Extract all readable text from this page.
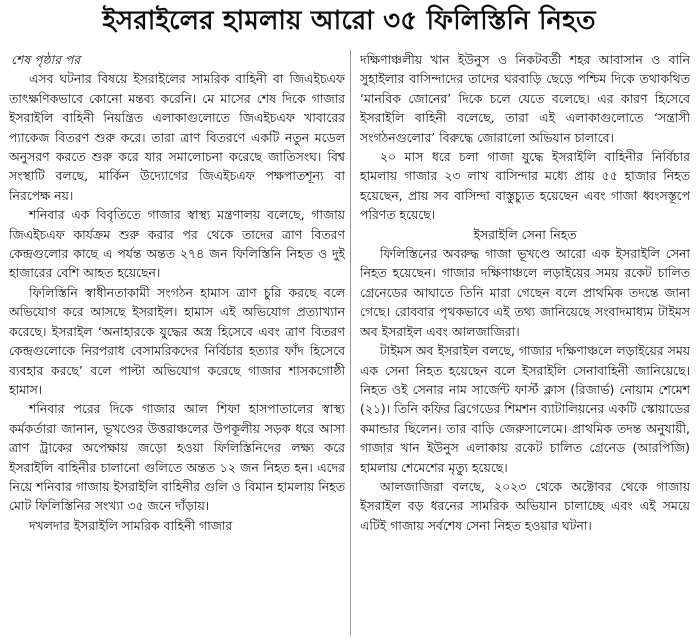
ইসরাইলের হামলায় আরো ৩৫ ফিলিস্তিনি নিহত

শেষ পৃষ্ঠার পর

এসব ঘটনার বিষয়ে ইসরাইলের সামরিক বাহিনী বা জিএইচএফ তাৎক্ষণিকভাবে কোনো মন্তব্য করেনি। মে মাসের শেষ দিকে গাজার ইসরাইলি বাহিনী নিয়ন্ত্রিত এলাকাগুলোতে জিএইচএফ খাবারের প্যাকেজ বিতরণ শুরু করে। তারা ত্রাণ বিতরণে একটি নতুন মডেল অনুসরণ করতে শুরু করে যার সমালোচনা করেছে জাতিসংঘ। বিশ্ব সংস্থাটি বলছে, মার্কিন উদ্যোগের জিএইচএফ পক্ষপাতশূন্য বা নিরপেক্ষ নয়।

শনিবার এক বিবৃতিতে গাজার স্বাস্থ্য মন্ত্রণালয় বলেছে, গাজায় জিএইচএফ কার্যক্রম শুরু করার পর থেকে তাদের ত্রাণ বিতরণ কেন্দ্রগুলোর কাছে এ পর্যন্ত অন্তত ২৭৪ জন ফিলিস্তিনি নিহত ও দুই হাজারের বেশি আহত হয়েছেন।

ফিলিস্তিনি স্বাধীনতাকামী সংগঠন হামাস ত্রাণ চুরি করছে বলে অভিযোগ করে আসছে ইসরাইল। হামাস এই অভিযোগ প্রত্যাখ্যান করেছে। ইসরাইল ‘অনাহারকে যুদ্ধের অস্ত্র হিসেবে এবং ত্রাণ বিতরণ কেন্দ্রগুলোকে নিরপরাধ বেসামরিকদের নির্বিচার হত্যার ফাঁদ হিসেবে ব্যবহার করছে’ বলে পাল্টা অভিযোগ করেছে গাজার শাসকগোষ্ঠী হামাস।

শনিবার পরের দিকে গাজার আল শিফা হাসপাতালের স্বাস্থ্য কর্মকর্তারা জানান, ভূখণ্ডের উত্তরাঞ্চলের উপকূলীয় সড়ক ধরে আসা ত্রাণ ট্রাকের অপেক্ষায় জড়ো হওয়া ফিলিস্তিনিদের লক্ষ্য করে ইসরাইলি বাহিনীর চালানো গুলিতে অন্তত ১২ জন নিহত হন। এদের নিয়ে শনিবার গাজায় ইসরাইলি বাহিনীর গুলি ও বিমান হামলায় নিহত মোট ফিলিস্তিনির সংখ্যা ৩৫ জনে দাঁড়ায়।

দখলদার ইসরাইলি সামরিক বাহিনী গাজার

দক্ষিণাঞ্চলীয় খান ইউনুস ও নিকটবর্তী শহর আবাসান ও বানি সুহাইলার বাসিন্দাদের তাদের ঘরবাড়ি ছেড়ে পশ্চিম দিকে তথাকথিত ‘মানবিক জোনের’ দিকে চলে যেতে বলেছে। এর কারণ হিসেবে ইসরাইলি বাহিনী বলেছে, তারা এই এলাকাগুলোতে ‘সন্ত্রাসী সংগঠনগুলোর’ বিরুদ্ধে জোরালো অভিযান চালাবে।

২০ মাস ধরে চলা গাজা যুদ্ধে ইসরাইলি বাহিনীর নির্বিচার হামলায় গাজার ২৩ লাখ বাসিন্দার মধ্যে প্রায় ৫৫ হাজার নিহত হয়েছেন, প্রায় সব বাসিন্দা বাস্তুচ্যুত হয়েছেন এবং গাজা ধ্বংসস্তূপে পরিণত হয়েছে।

ইসরাইলি সেনা নিহত

ফিলিস্তিনের অবরুদ্ধ গাজা ভূখণ্ডে আরো এক ইসরাইলি সেনা নিহত হয়েছেন। গাজার দক্ষিণাঞ্চলে লড়াইয়ের সময় রকেট চালিত গ্রেনেডের আঘাতে তিনি মারা গেছেন বলে প্রাথমিক তদন্তে জানা গেছে। রোববার পৃথকভাবে এই তথ্য জানিয়েছে সংবাদমাধ্যম টাইমস অব ইসরাইল এবং আলজাজিরা।

টাইমস অব ইসরাইল বলছে, গাজার দক্ষিণাঞ্চলে লড়াইয়ের সময় এক সেনা নিহত হয়েছেন বলে ইসরাইলি সেনাবাহিনী জানিয়েছে। নিহত ওই সেনার নাম সার্জেন্ট ফার্স্ট ক্লাস (রিজার্ভ) নোয়াম শেমেশ (২১)। তিনি কফির ব্রিগেডের শিমশন ব্যাটালিয়নের একটি স্কোয়াডের কমান্ডার ছিলেন। তার বাড়ি জেরুসালেমে। প্রাথমিক তদন্ত অনুযায়ী, গাজার খান ইউনুস এলাকায় রকেট চালিত গ্রেনেড (আরপিজি) হামলায় শেমেশের মৃত্যু হয়েছে।

আলজাজিরা বলছে, ২০২৩ থেকে অক্টোবর থেকে গাজায় ইসরাইল বড় ধরনের সামরিক অভিযান চালাচ্ছে এবং এই সময়ে এটিই গাজায় সর্বশেষ সেনা নিহত হওয়ার ঘটনা।
